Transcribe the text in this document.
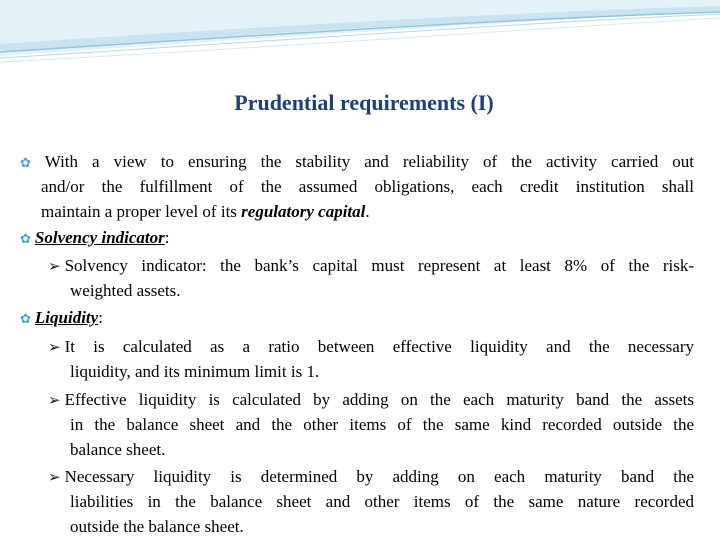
Prudential requirements (I)
✿ With a view to ensuring the stability and reliability of the activity carried out
and/or the fulfillment of the assumed obligations, each credit institution shall
maintain a proper level of its regulatory capital.
✿ Solvency indicator:
➢ Solvency indicator: the bank’s capital must represent at least 8% of the risk-
weighted assets.
✿ Liquidity:
➢ It is calculated as a ratio between effective liquidity and the necessary
liquidity, and its minimum limit is 1.
➢ Effective liquidity is calculated by adding on the each maturity band the assets
in the balance sheet and the other items of the same kind recorded outside the
balance sheet.
➢ Necessary liquidity is determined by adding on each maturity band the
liabilities in the balance sheet and other items of the same nature recorded
outside the balance sheet.
